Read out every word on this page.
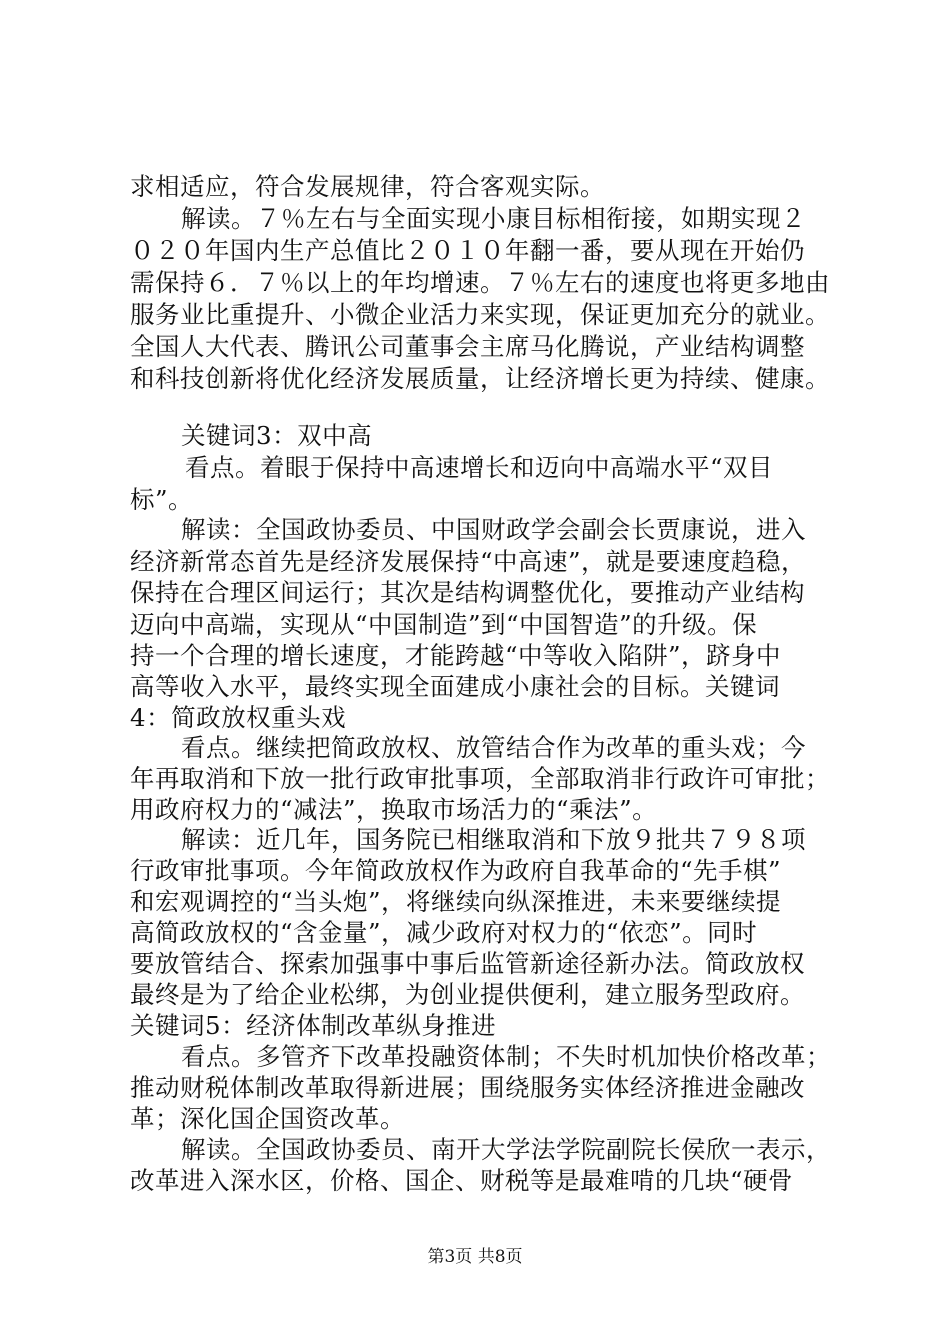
求相适应，符合发展规律，符合客观实际。
解读。７％左右与全面实现小康目标相衔接，如期实现２
０２０年国内生产总值比２０１０年翻一番，要从现在开始仍
需保持６．７％以上的年均增速。７％左右的速度也将更多地由
服务业比重提升、小微企业活力来实现，保证更加充分的就业。
全国人大代表、腾讯公司董事会主席马化腾说，产业结构调整
和科技创新将优化经济发展质量，让经济增长更为持续、健康。
关键词3：双中高
看点。着眼于保持中高速增长和迈向中高端水平“双目
标”。
解读：全国政协委员、中国财政学会副会长贾康说，进入
经济新常态首先是经济发展保持“中高速”，就是要速度趋稳，
保持在合理区间运行；其次是结构调整优化，要推动产业结构
迈向中高端，实现从“中国制造”到“中国智造”的升级。保
持一个合理的增长速度，才能跨越“中等收入陷阱”，跻身中
高等收入水平，最终实现全面建成小康社会的目标。关键词
4：简政放权重头戏
看点。继续把简政放权、放管结合作为改革的重头戏；今
年再取消和下放一批行政审批事项，全部取消非行政许可审批；
用政府权力的“减法”，换取市场活力的“乘法”。
解读：近几年，国务院已相继取消和下放９批共７９８项
行政审批事项。今年简政放权作为政府自我革命的“先手棋”
和宏观调控的“当头炮”，将继续向纵深推进，未来要继续提
高简政放权的“含金量”，减少政府对权力的“依恋”。同时
要放管结合、探索加强事中事后监管新途径新办法。简政放权
最终是为了给企业松绑，为创业提供便利，建立服务型政府。
关键词5：经济体制改革纵身推进
看点。多管齐下改革投融资体制；不失时机加快价格改革；
推动财税体制改革取得新进展；围绕服务实体经济推进金融改
革；深化国企国资改革。
解读。全国政协委员、南开大学法学院副院长侯欣一表示，
改革进入深水区，价格、国企、财税等是最难啃的几块“硬骨
第3页 共8页
